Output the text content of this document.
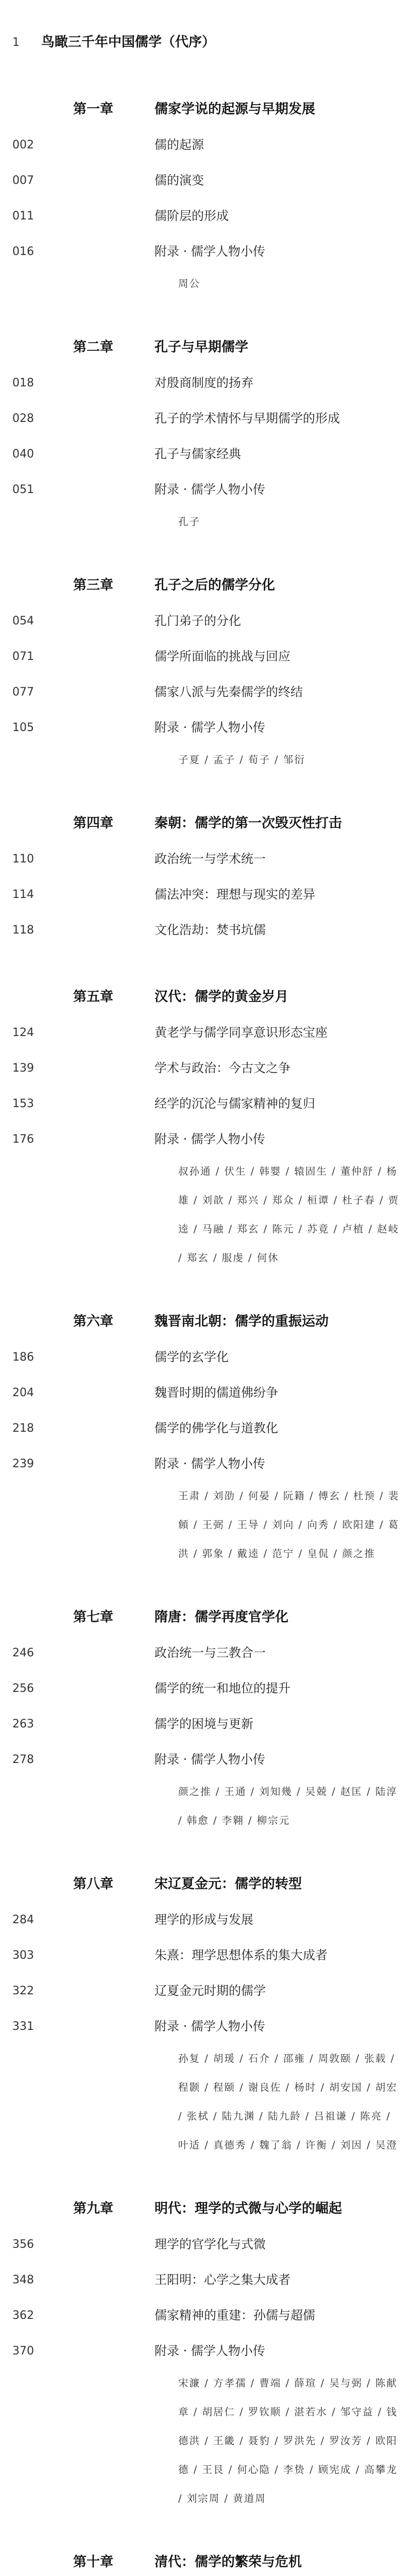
1	鸟瞰三千年中国儒学（代序）
第一章	儒家学说的起源与早期发展
002	儒的起源
007	儒的演变
011	儒阶层的形成
016	附录 · 儒学人物小传
周公
第二章	孔子与早期儒学
018	对殷商制度的扬弃
028	孔子的学术情怀与早期儒学的形成
040	孔子与儒家经典
051	附录 · 儒学人物小传
孔子
第三章	孔子之后的儒学分化
054	孔门弟子的分化
071	儒学所面临的挑战与回应
077	儒家八派与先秦儒学的终结
105	附录 · 儒学人物小传
子夏 / 孟子 / 荀子 / 邹衍
第四章	秦朝：儒学的第一次毁灭性打击
110	政治统一与学术统一
114	儒法冲突：理想与现实的差异
118	文化浩劫：焚书坑儒
第五章	汉代：儒学的黄金岁月
124	黄老学与儒学同享意识形态宝座
139	学术与政治：今古文之争
153	经学的沉沦与儒家精神的复归
176	附录 · 儒学人物小传
叔孙通 / 伏生 / 韩婴 / 辕固生 / 董仲舒 / 杨雄 / 刘歆 / 郑兴 / 郑众 / 桓谭 / 杜子春 / 贾逵 / 马融 / 郑玄 / 陈元 / 苏竟 / 卢植 / 赵岐 / 郑玄 / 服虔 / 何休
第六章	魏晋南北朝：儒学的重振运动
186	儒学的玄学化
204	魏晋时期的儒道佛纷争
218	儒学的佛学化与道教化
239	附录 · 儒学人物小传
王肃 / 刘劭 / 何晏 / 阮籍 / 傅玄 / 杜预 / 裴頠 / 王弼 / 王导 / 刘向 / 向秀 / 欧阳建 / 葛洪 / 郭象 / 戴逵 / 范宁 / 皇侃 / 颜之推
第七章	隋唐：儒学再度官学化
246	政治统一与三教合一
256	儒学的统一和地位的提升
263	儒学的困境与更新
278	附录 · 儒学人物小传
颜之推 / 王通 / 刘知幾 / 吴兢 / 赵匡 / 陆淳 / 韩愈 / 李翱 / 柳宗元
第八章	宋辽夏金元：儒学的转型
284	理学的形成与发展
303	朱熹：理学思想体系的集大成者
322	辽夏金元时期的儒学
331	附录 · 儒学人物小传
孙复 / 胡瑗 / 石介 / 邵雍 / 周敦颐 / 张载 / 程颢 / 程颐 / 谢良佐 / 杨时 / 胡安国 / 胡宏 / 张栻 / 陆九渊 / 陆九龄 / 吕祖谦 / 陈亮 / 叶适 / 真德秀 / 魏了翁 / 许衡 / 刘因 / 吴澄
第九章	明代：理学的式微与心学的崛起
356	理学的官学化与式微
348	王阳明：心学之集大成者
362	儒家精神的重建：孙儒与超儒
370	附录 · 儒学人物小传
宋濂 / 方孝孺 / 曹端 / 薛瑄 / 吴与弼 / 陈献章 / 胡居仁 / 罗钦顺 / 湛若水 / 邹守益 / 钱德洪 / 王畿 / 聂豹 / 罗洪先 / 罗汝芳 / 欧阳德 / 王艮 / 何心隐 / 李贽 / 顾宪成 / 高攀龙 / 刘宗周 / 黄道周
第十章	清代：儒学的繁荣与危机
